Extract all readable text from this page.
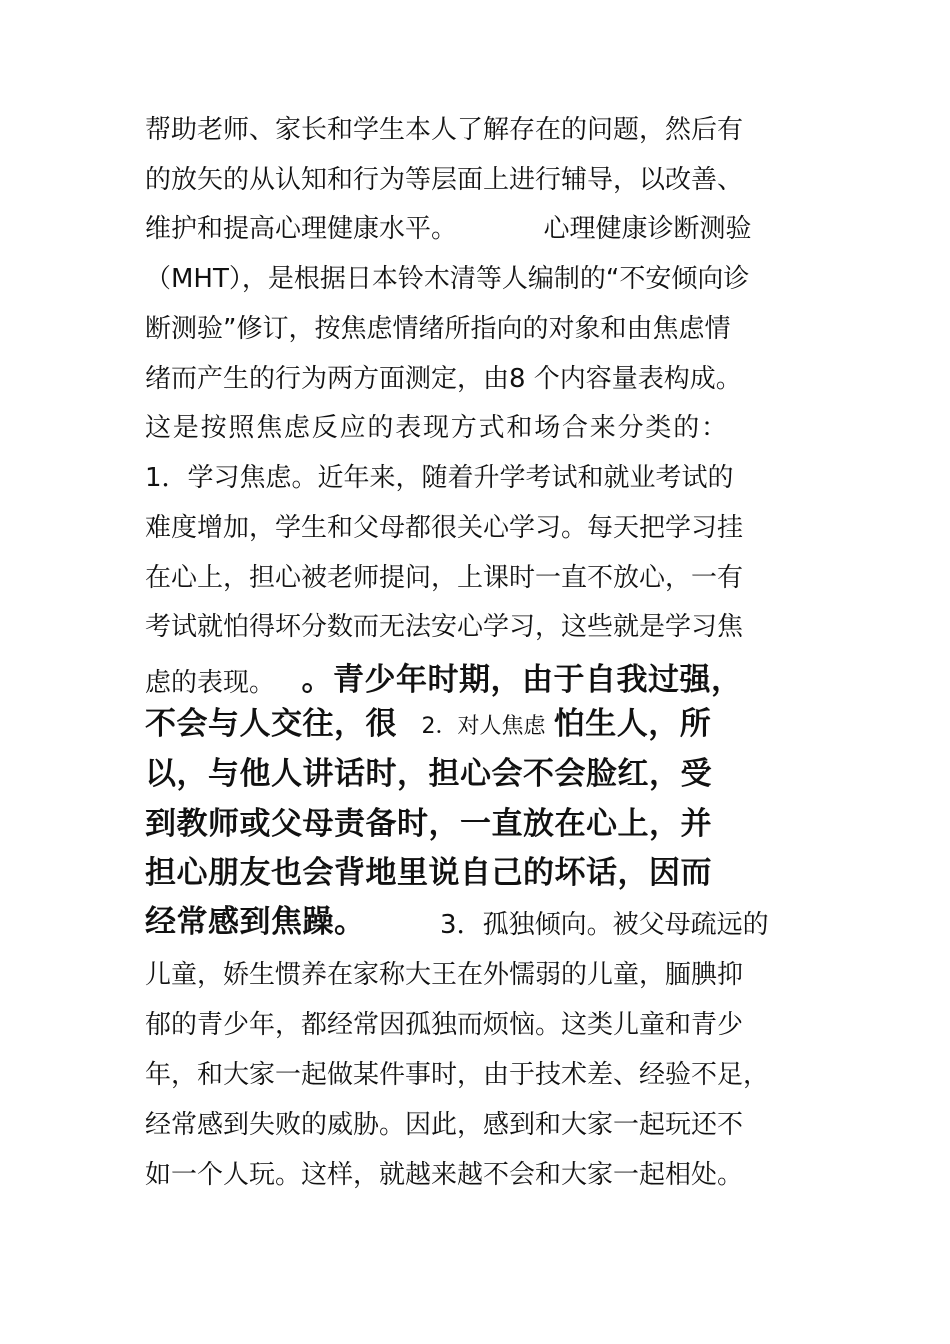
帮助老师、家长和学生本人了解存在的问题，然后有
的放矢的从认知和行为等层面上进行辅导，以改善、
维护和提高心理健康水平。	心理健康诊断测验
（MHT），是根据日本铃木清等人编制的“不安倾向诊
断测验”修订，按焦虑情绪所指向的对象和由焦虑情
绪而产生的行为两方面测定，由8 个内容量表构成。
这是按照焦虑反应的表现方式和场合来分类的：
1．学习焦虑。近年来，随着升学考试和就业考试的
难度增加，学生和父母都很关心学习。每天把学习挂
在心上，担心被老师提问，上课时一直不放心，一有
考试就怕得坏分数而无法安心学习，这些就是学习焦
虑的表现。 。青少年时期，由于自我过强，
不会与人交往，很 2．对人焦虑 怕生人，所
以，与他人讲话时，担心会不会脸红，受
到教师或父母责备时，一直放在心上，并
担心朋友也会背地里说自己的坏话，因而
经常感到焦躁。	3．孤独倾向。被父母疏远的
儿童，娇生惯养在家称大王在外懦弱的儿童，腼腆抑
郁的青少年，都经常因孤独而烦恼。这类儿童和青少
年，和大家一起做某件事时，由于技术差、经验不足，
经常感到失败的威胁。因此，感到和大家一起玩还不
如一个人玩。这样，就越来越不会和大家一起相处。
